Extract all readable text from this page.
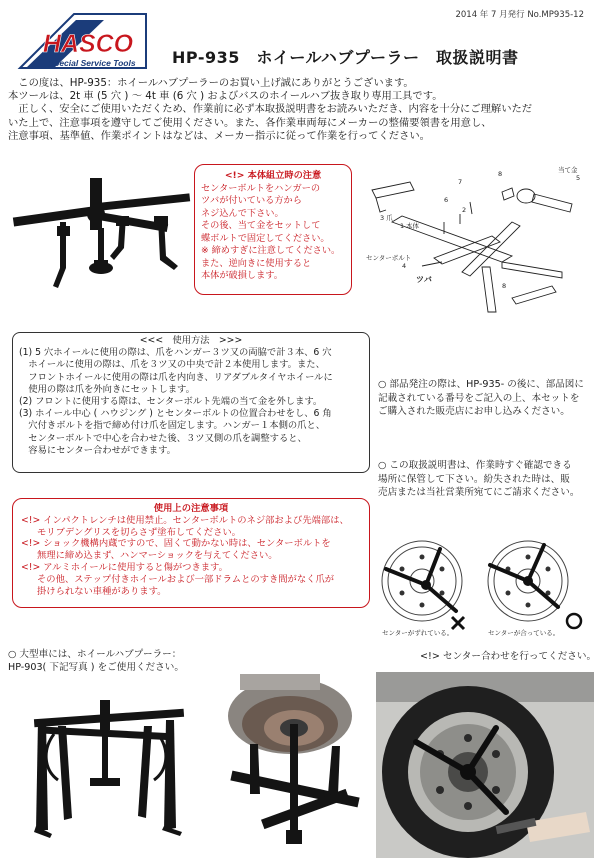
2014 年 7 月発行 No.MP935-12
HASCO
Special Service Tools HP-935　ホイールハブプーラー　取扱説明書

　この度は、HP-935：ホイールハブプーラーのお買い上げ誠にありがとうございます。

本ツールは、2t 車 (5 穴 ) ～ 4t 車 (6 穴 ) およびバスのホイールハブ抜き取り専用工具です。

　正しく、安全にご使用いただくため、作業前に必ず本取扱説明書をお読みいただき、内容を十分にご理解いただ

いた上で、注意事項を遵守してご使用ください。また、各作業車両毎にメーカーの整備要領書を用意し、

注意事項、基準値、作業ポイントはなどは、メーカー指示に従って作業を行ってください。

<!> 本体組立時の注意
センターボルトをハンガーの
ツバが付いている方から
ネジ込んで下さい。
その後、当て金をセットして
蝶ボルトで固定してください。
※ 締めすぎに注意してください。
また、逆向きに使用すると
本体が破損します。
3 爪
1 本体
2
4
センターボルト
5
当て金
6
7
8
8
ツバ
<<<　使用方法　>>>
(1) 5 穴ホイールに使用の際は、爪をハンガー３ツ又の両脇で計３本、6 穴
　ホイールに使用の際は、爪を３ツ又の中央で計２本使用します。また、
　フロントホイールに使用の際は爪を内向き、リアダブルタイヤホイールに
　使用の際は爪を外向きにセットします。
(2) フロントに使用する際は、センターボルト先端の当て金を外します。
(3) ホイール中心 ( ハウジング ) とセンターボルトの位置合わせをし、6 角
　穴付きボルトを指で締め付け爪を固定します。ハンガー１本側の爪と、
　センターボルトで中心を合わせた後、３ツ又側の爪を調整すると、
　容易にセンター合わせができます。
○ 部品発注の際は、HP-935- の後に、部品図に
記載されている番号をご記入の上、本セットを
ご購入された販売店にお申し込みください。
○ この取扱説明書は、作業時すぐ確認できる
場所に保管して下さい。紛失された時は、販
売店または当社営業所宛てにご請求ください。
使用上の注意事項
<!> インパクトレンチは使用禁止。センターボルトのネジ部および先端部は、
モリブデングリスを切らさず塗布してください。
<!> ショック機構内蔵ですので、固くて動かない時は、センターボルトを
無理に締め込まず、ハンマーショックを与えてください。
<!> アルミホイールに使用すると傷がつきます。
その他、ステップ付きホイールおよび一部ドラムとのすき間がなく爪が
掛けられない車種があります。
センターがずれている。	センターが合っている。
<!> センター合わせを行ってください。
○ 大型車には、ホイールハブプーラー：
HP-903( 下記写真 ) をご使用ください。
